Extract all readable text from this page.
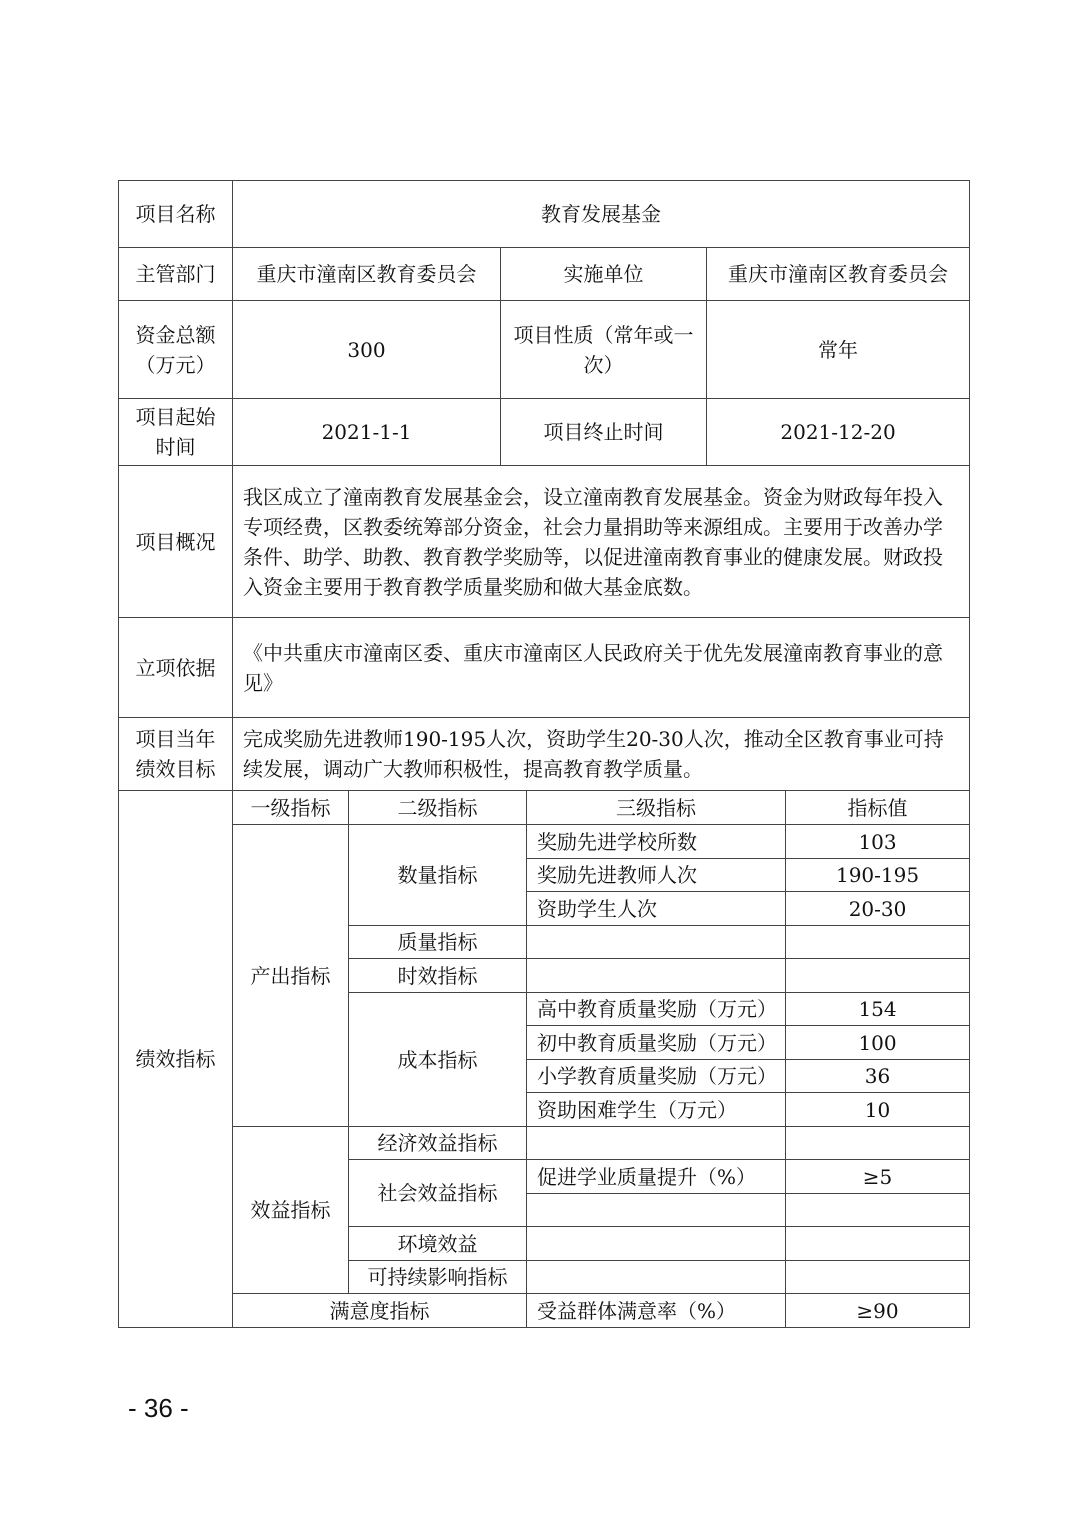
项目名称	教育发展基金					
主管部门	重庆市潼南区教育委员会		实施单位		重庆市潼南区教育委员会	
资金总额（万元）	300		项目性质（常年或一次）		常年	
项目起始时间	2021-1-1		项目终止时间		2021-12-20	
项目概况	我区成立了潼南教育发展基金会，设立潼南教育发展基金。资金为财政每年投入专项经费，区教委统筹部分资金，社会力量捐助等来源组成。主要用于改善办学条件、助学、助教、教育教学奖励等，以促进潼南教育事业的健康发展。财政投入资金主要用于教育教学质量奖励和做大基金底数。					
立项依据	《中共重庆市潼南区委、重庆市潼南区人民政府关于优先发展潼南教育事业的意见》					
项目当年绩效目标	完成奖励先进教师190-195人次，资助学生20-30人次，推动全区教育事业可持续发展，调动广大教师积极性，提高教育教学质量。					
绩效指标	一级指标	二级指标		三级指标		指标值
	产出指标	数量指标		奖励先进学校所数		103
				奖励先进教师人次		190-195
				资助学生人次		20-30
		质量指标				
		时效指标				
		成本指标		高中教育质量奖励（万元）		154
				初中教育质量奖励（万元）		100
				小学教育质量奖励（万元）		36
				资助困难学生（万元）		10
	效益指标	经济效益指标				
		社会效益指标		促进学业质量提升（%）		≥5

		环境效益				
		可持续影响指标				
	满意度指标			受益群体满意率（%）		≥90
- 36 -
